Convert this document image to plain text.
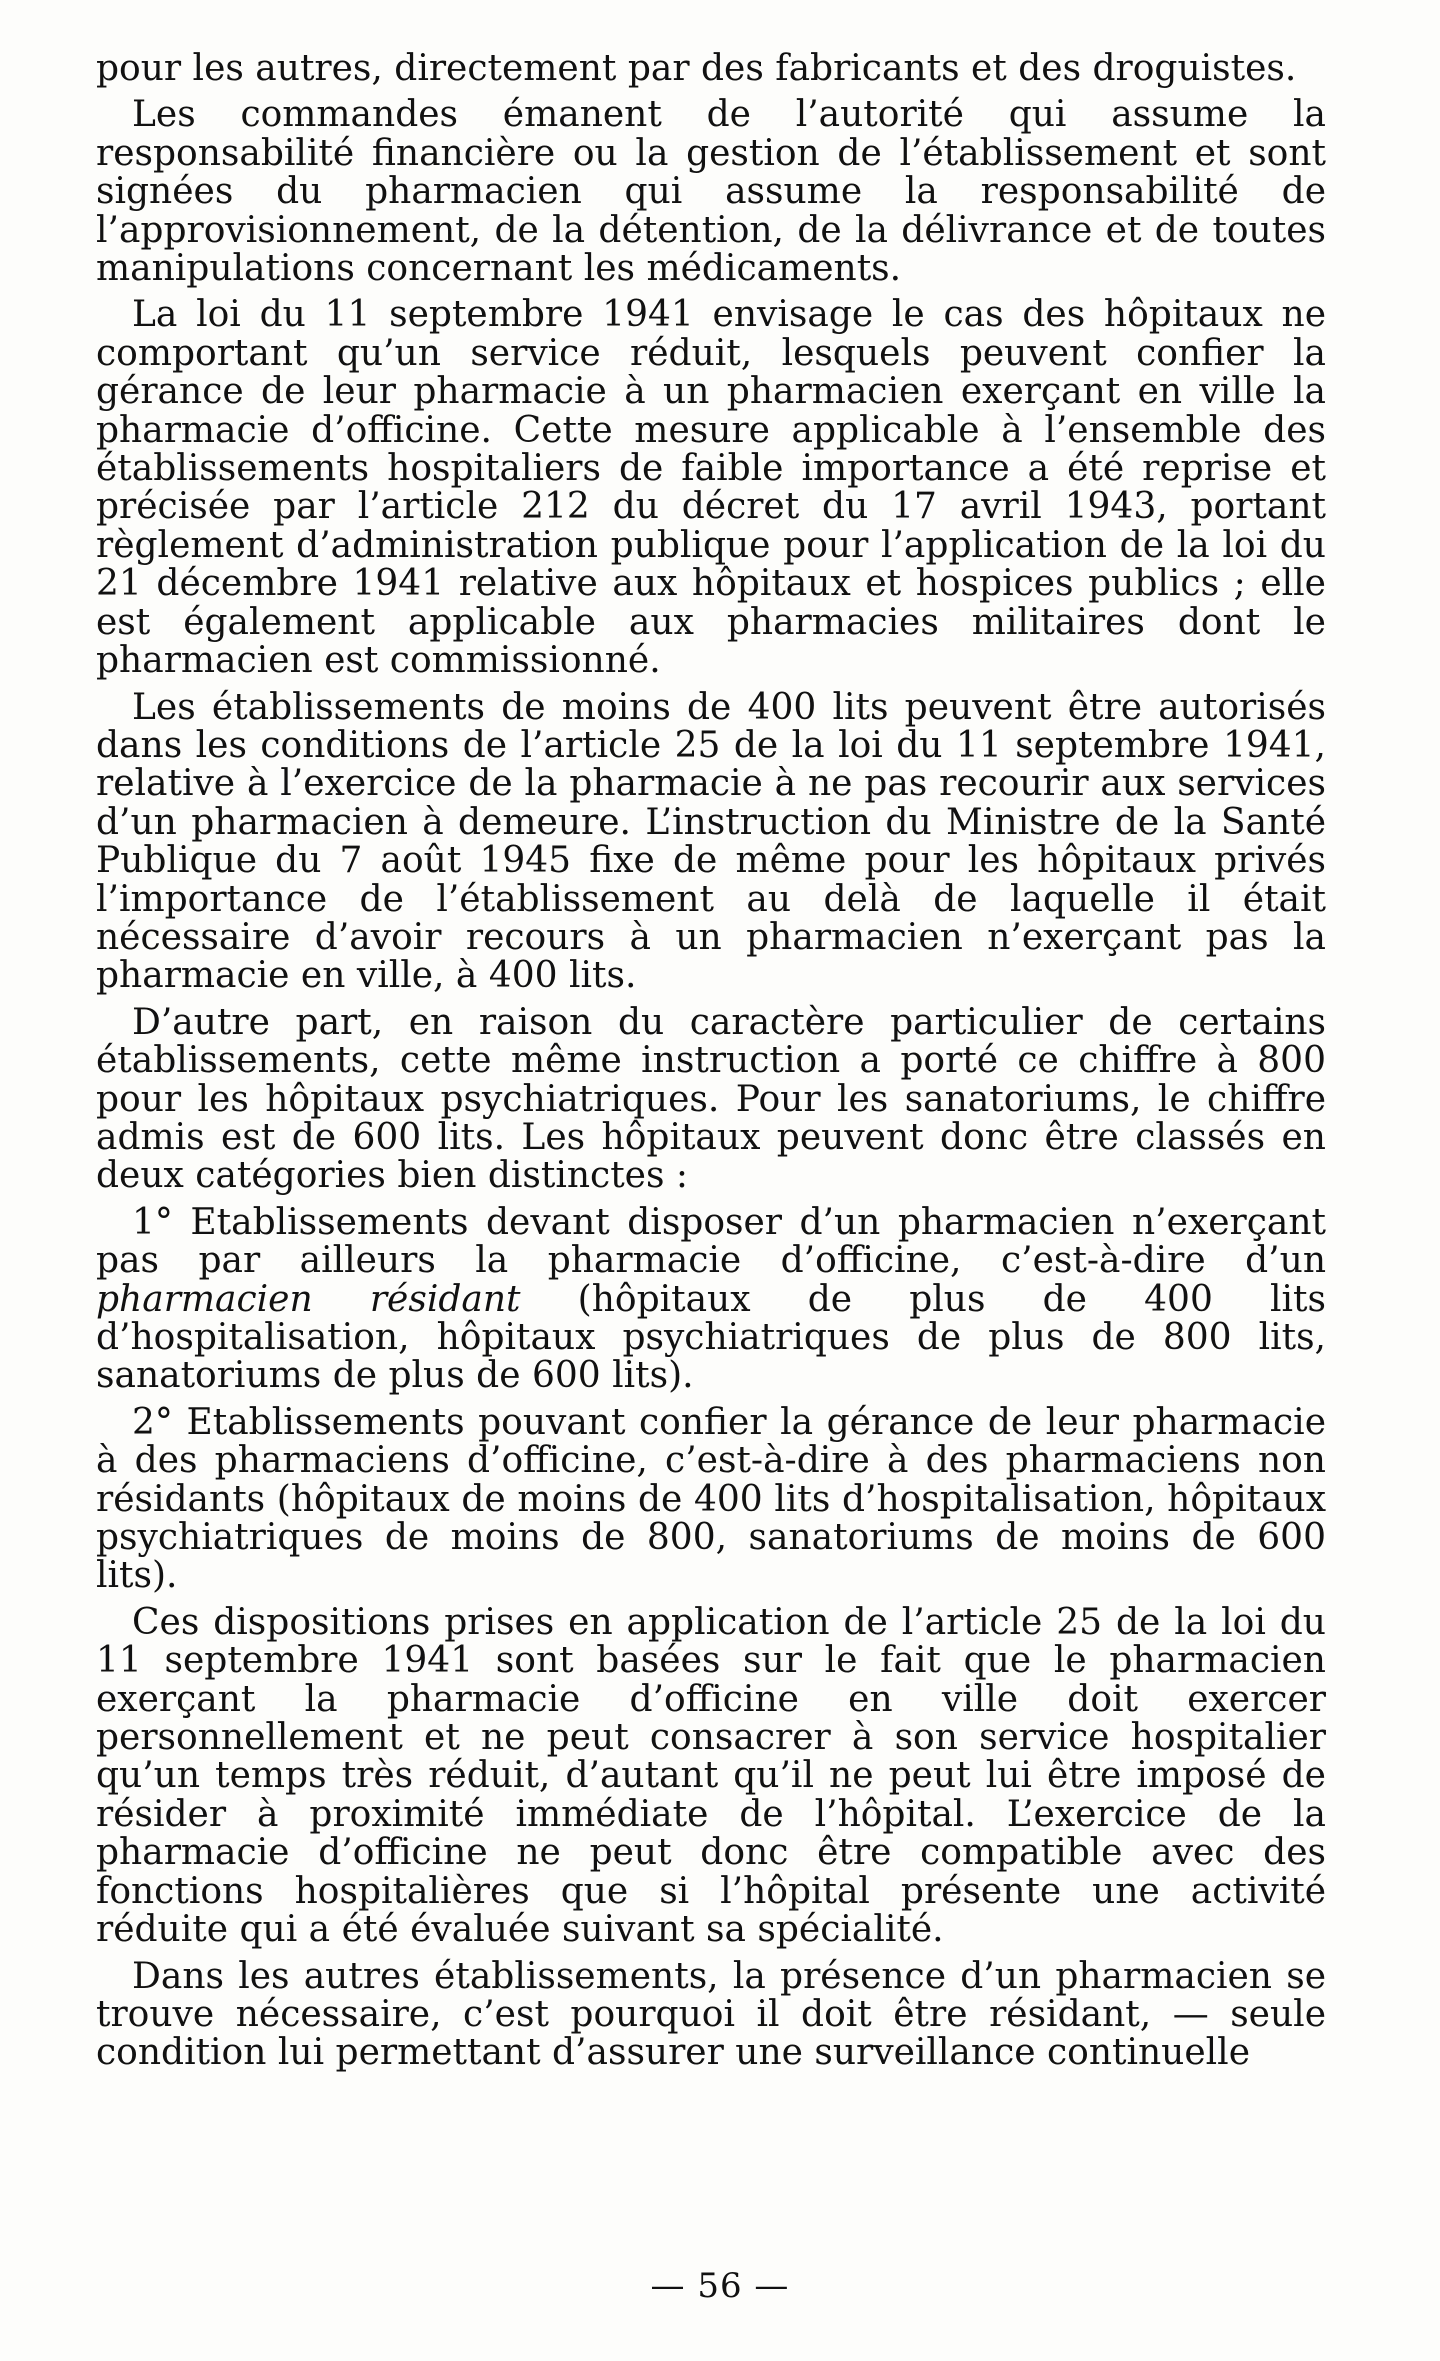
pour les autres, directement par des fabricants et des droguistes.

Les commandes émanent de l’autorité qui assume la responsabilité financière ou la gestion de l’établissement et sont signées du pharmacien qui assume la responsabilité de l’approvisionnement, de la détention, de la délivrance et de toutes manipulations concernant les médicaments.

La loi du 11 septembre 1941 envisage le cas des hôpitaux ne comportant qu’un service réduit, lesquels peuvent confier la gérance de leur pharmacie à un pharmacien exerçant en ville la pharmacie d’officine. Cette mesure applicable à l’ensemble des établissements hospitaliers de faible importance a été reprise et précisée par l’article 212 du décret du 17 avril 1943, portant règlement d’administration publique pour l’application de la loi du 21 décembre 1941 relative aux hôpitaux et hospices publics ; elle est également applicable aux pharmacies militaires dont le pharmacien est commissionné.

Les établissements de moins de 400 lits peuvent être autorisés dans les conditions de l’article 25 de la loi du 11 septembre 1941, relative à l’exercice de la pharmacie à ne pas recourir aux services d’un pharmacien à demeure. L’instruction du Ministre de la Santé Publique du 7 août 1945 fixe de même pour les hôpitaux privés l’importance de l’établissement au delà de laquelle il était nécessaire d’avoir recours à un pharmacien n’exerçant pas la pharmacie en ville, à 400 lits.

D’autre part, en raison du caractère particulier de certains établissements, cette même instruction a porté ce chiffre à 800 pour les hôpitaux psychiatriques. Pour les sanatoriums, le chiffre admis est de 600 lits. Les hôpitaux peuvent donc être classés en deux catégories bien distinctes :

1° Etablissements devant disposer d’un pharmacien n’exerçant pas par ailleurs la pharmacie d’officine, c’est-à-dire d’un pharmacien résidant (hôpitaux de plus de 400 lits d’hospitalisation, hôpitaux psychiatriques de plus de 800 lits, sanatoriums de plus de 600 lits).

2° Etablissements pouvant confier la gérance de leur pharmacie à des pharmaciens d’officine, c’est-à-dire à des pharmaciens non résidants (hôpitaux de moins de 400 lits d’hospitalisation, hôpitaux psychiatriques de moins de 800, sanatoriums de moins de 600 lits).

Ces dispositions prises en application de l’article 25 de la loi du 11 septembre 1941 sont basées sur le fait que le pharmacien exerçant la pharmacie d’officine en ville doit exercer personnellement et ne peut consacrer à son service hospitalier qu’un temps très réduit, d’autant qu’il ne peut lui être imposé de résider à proximité immédiate de l’hôpital. L’exercice de la pharmacie d’officine ne peut donc être compatible avec des fonctions hospitalières que si l’hôpital présente une activité réduite qui a été évaluée suivant sa spécialité.

Dans les autres établissements, la présence d’un pharmacien se trouve nécessaire, c’est pourquoi il doit être résidant, — seule condition lui permettant d’assurer une surveillance continuelle

— 56 —
